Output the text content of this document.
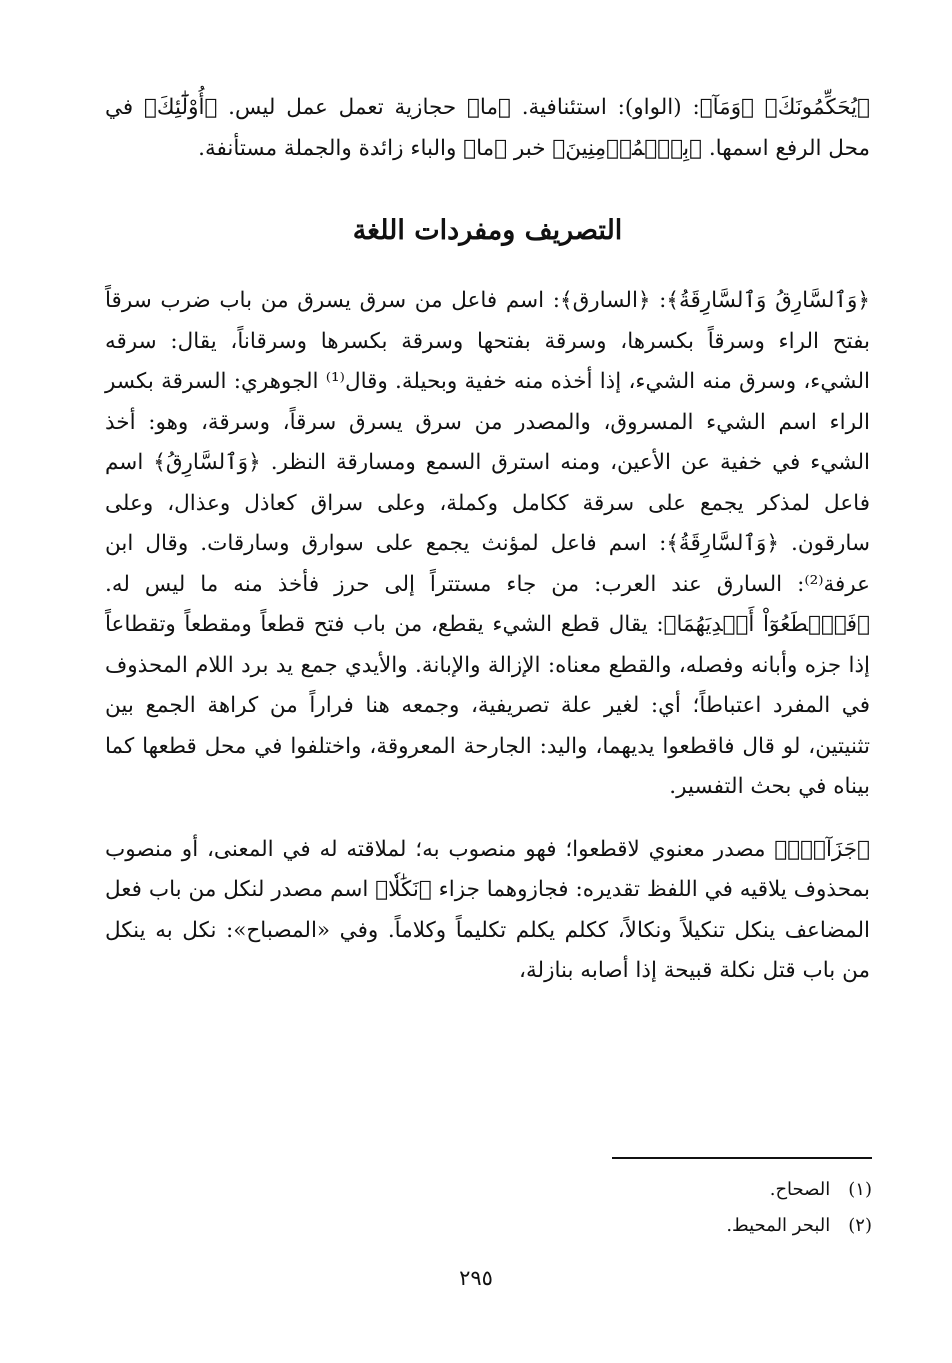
﴿يُحَكِّمُونَكَ﴾ ﴿وَمَآ﴾: (الواو): استئنافية. ﴿ما﴾ حجازية تعمل عمل ليس. ﴿أُوْلَٰٓئِكَ﴾ في محل الرفع اسمها. ﴿بِٱلۡمُؤۡمِنِينَ﴾ خبر ﴿ما﴾ والباء زائدة والجملة مستأنفة.

التصريف ومفردات اللغة

﴿وَٱلسَّارِقُ وَٱلسَّارِقَةُ﴾: ﴿السارق﴾: اسم فاعل من سرق يسرق من باب ضرب سرقاً بفتح الراء وسرقاً بكسرها، وسرقة بفتحها وسرقة بكسرها وسرقاناً، يقال: سرقه الشيء، وسرق منه الشيء، إذا أخذه منه خفية وبحيلة. وقال⁽¹⁾ الجوهري: السرقة بكسر الراء اسم الشيء المسروق، والمصدر من سرق يسرق سرقاً، وسرقة، وهو: أخذ الشيء في خفية عن الأعين، ومنه استرق السمع ومسارقة النظر. ﴿وَٱلسَّارِقُ﴾ اسم فاعل لمذكر يجمع على سرقة ككامل وكملة، وعلى سراق كعاذل وعذال، وعلى سارقون. ﴿وَٱلسَّارِقَةُ﴾: اسم فاعل لمؤنث يجمع على سوارق وسارقات. وقال ابن عرفة⁽²⁾: السارق عند العرب: من جاء مستتراً إلى حرز فأخذ منه ما ليس له. ﴿فَٱقۡطَعُوٓاْ أَيۡدِيَهُمَا﴾: يقال قطع الشيء يقطع، من باب فتح قطعاً ومقطعاً وتقطاعاً إذا جزه وأبانه وفصله، والقطع معناه: الإزالة والإبانة. والأيدي جمع يد برد اللام المحذوف في المفرد اعتباطاً؛ أي: لغير علة تصريفية، وجمعه هنا فراراً من كراهة الجمع بين تثنيتين، لو قال فاقطعوا يديهما، واليد: الجارحة المعروقة، واختلفوا في محل قطعها كما بيناه في بحث التفسير.

﴿جَزَآءَۢ﴾ مصدر معنوي لاقطعوا؛ فهو منصوب به؛ لملاقته له في المعنى، أو منصوب بمحذوف يلاقيه في اللفظ تقديره: فجازوهما جزاء ﴿نَكَٰلٗا﴾ اسم مصدر لنكل من باب فعل المضاعف ينكل تنكيلاً ونكالاً، ككلم يكلم تكليماً وكلاماً. وفي «المصباح»: نكل به ينكل من باب قتل نكلة قبيحة إذا أصابه بنازلة،

(١) الصحاح.

(٢) البحر المحيط.

٢٩٥
